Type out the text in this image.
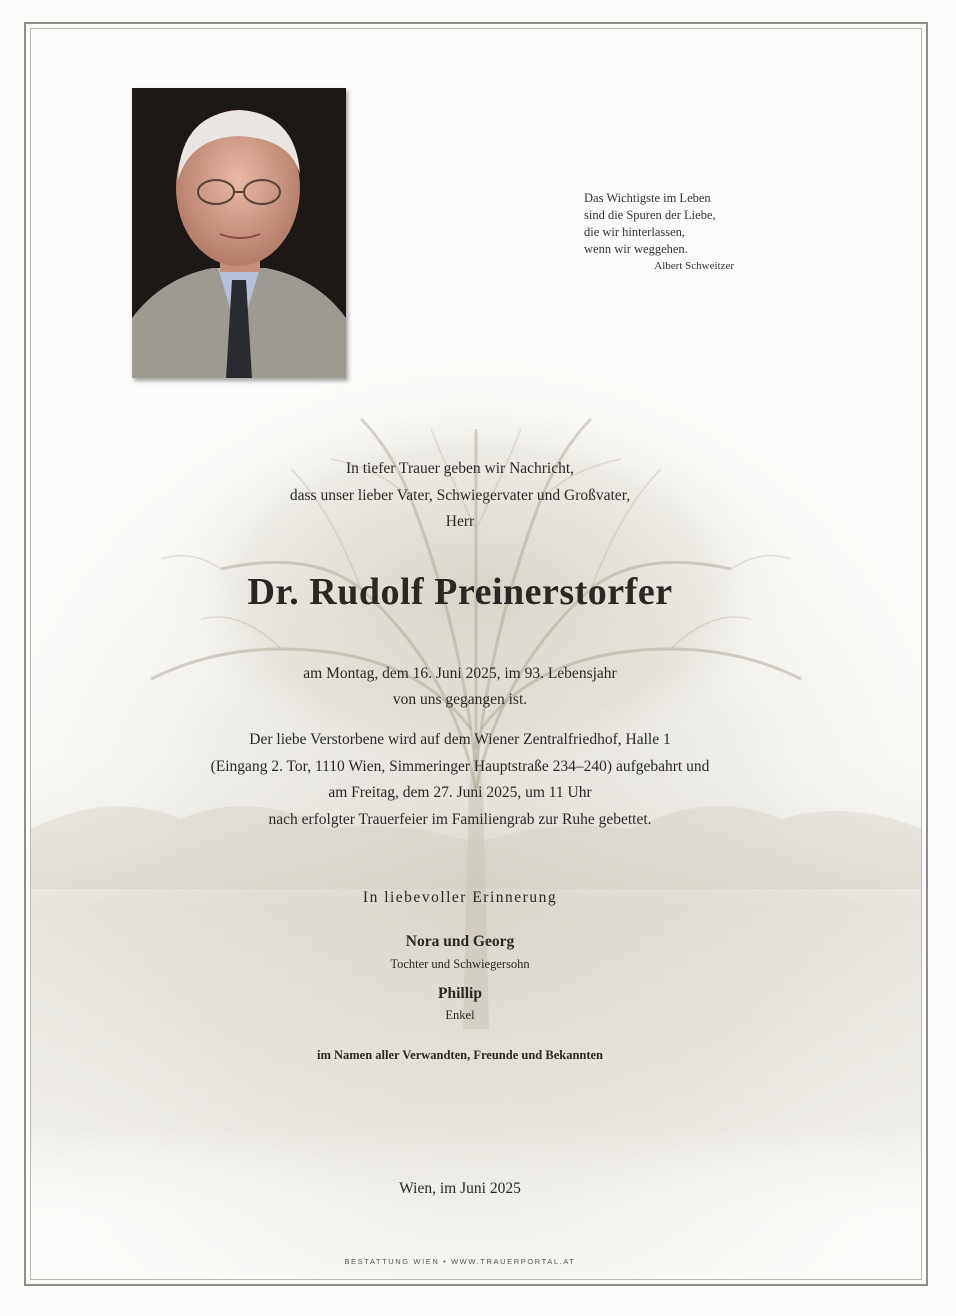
Das Wichtigste im Leben
sind die Spuren der Liebe,
die wir hinterlassen,
wenn wir weggehen.
Albert Schweitzer
In tiefer Trauer geben wir Nachricht,
dass unser lieber Vater, Schwiegervater und Großvater,
Herr
Dr. Rudolf Preinerstorfer
am Montag, dem 16. Juni 2025, im 93. Lebensjahr
von uns gegangen ist.
Der liebe Verstorbene wird auf dem Wiener Zentralfriedhof, Halle 1
(Eingang 2. Tor, 1110 Wien, Simmeringer Hauptstraße 234–240) aufgebahrt und
am Freitag, dem 27. Juni 2025, um 11 Uhr
nach erfolgter Trauerfeier im Familiengrab zur Ruhe gebettet.
In liebevoller Erinnerung
Nora und Georg
Tochter und Schwiegersohn
Phillip
Enkel
im Namen aller Verwandten, Freunde und Bekannten
Wien, im Juni 2025
BESTATTUNG WIEN • WWW.TRAUERPORTAL.AT
